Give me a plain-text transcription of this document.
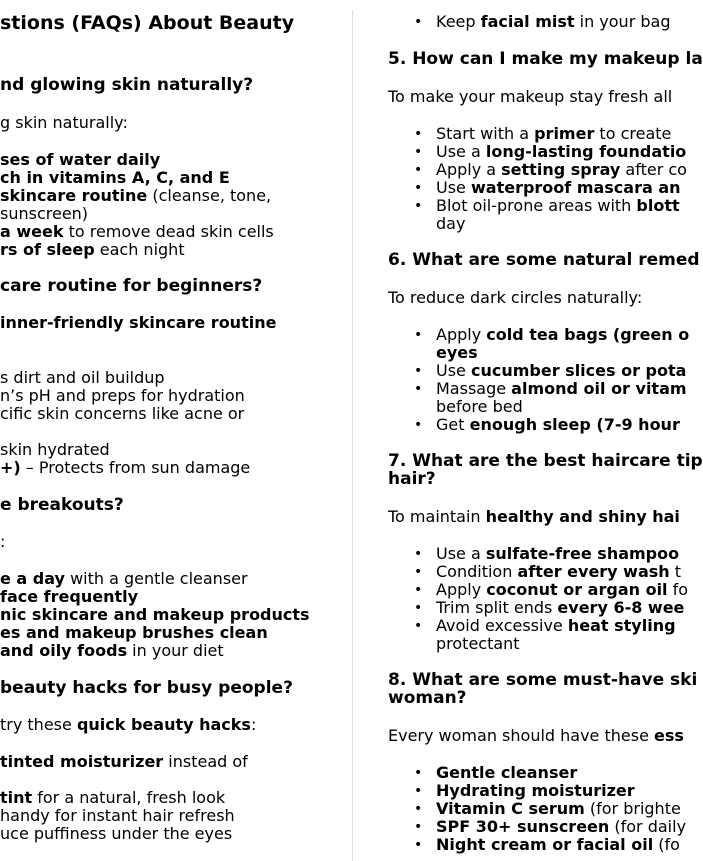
stions (FAQs) About Beauty
nd glowing skin naturally?
g skin naturally:
ses of water daily
ch in vitamins A, C, and E
skincare routine (cleanse, tone,
sunscreen)
a week to remove dead skin cells
rs of sleep each night
care routine for beginners?
inner-friendly skincare routine
s dirt and oil buildup
n’s pH and preps for hydration
cific skin concerns like acne or
skin hydrated
+) – Protects from sun damage
e breakouts?
:
e a day with a gentle cleanser
face frequently
nic skincare and makeup products
es and makeup brushes clean
and oily foods in your diet
beauty hacks for busy people?
try these quick beauty hacks:
tinted moisturizer instead of
tint for a natural, fresh look
handy for instant hair refresh
uce puffiness under the eyes
• Keep facial mist in your bag
5. How can I make my makeup la
To make your makeup stay fresh all
• Start with a primer to create
• Use a long-lasting foundatio
• Apply a setting spray after co
• Use waterproof mascara an
• Blot oil-prone areas with blott
day
6. What are some natural remed
To reduce dark circles naturally:
• Apply cold tea bags (green o
eyes
• Use cucumber slices or pota
• Massage almond oil or vitam
before bed
• Get enough sleep (7-9 hour
7. What are the best haircare tip
hair?
To maintain healthy and shiny hai
• Use a sulfate-free shampoo
• Condition after every wash t
• Apply coconut or argan oil fo
• Trim split ends every 6-8 wee
• Avoid excessive heat styling
protectant
8. What are some must-have ski
woman?
Every woman should have these ess
• Gentle cleanser
• Hydrating moisturizer
• Vitamin C serum (for brighte
• SPF 30+ sunscreen (for daily
• Night cream or facial oil (fo
